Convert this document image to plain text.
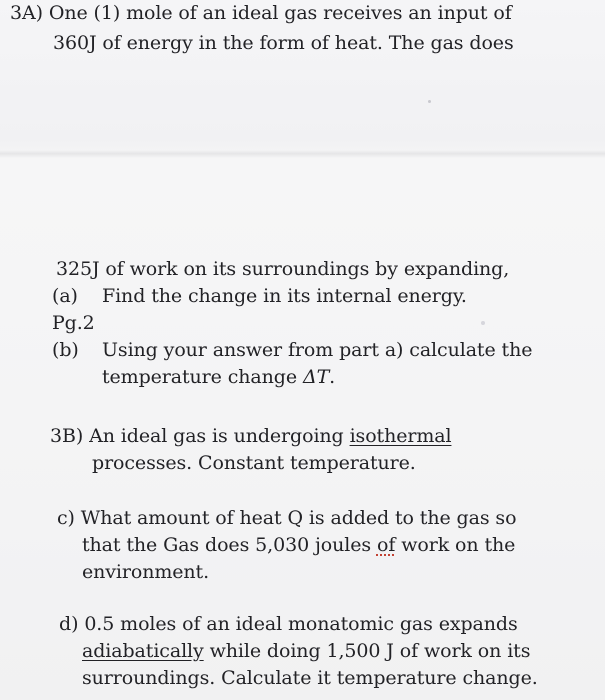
3A) One (1) mole of an ideal gas receives an input of
360J of energy in the form of heat. The gas does
325J of work on its surroundings by expanding,
(a) Find the change in its internal energy.
Pg.2
(b) Using your answer from part a) calculate the
temperature change ΔT.
3B) An ideal gas is undergoing isothermal
processes. Constant temperature.
c) What amount of heat Q is added to the gas so
that the Gas does 5,030 joules of work on the
environment.
d) 0.5 moles of an ideal monatomic gas expands
adiabatically while doing 1,500 J of work on its
surroundings. Calculate it temperature change.
